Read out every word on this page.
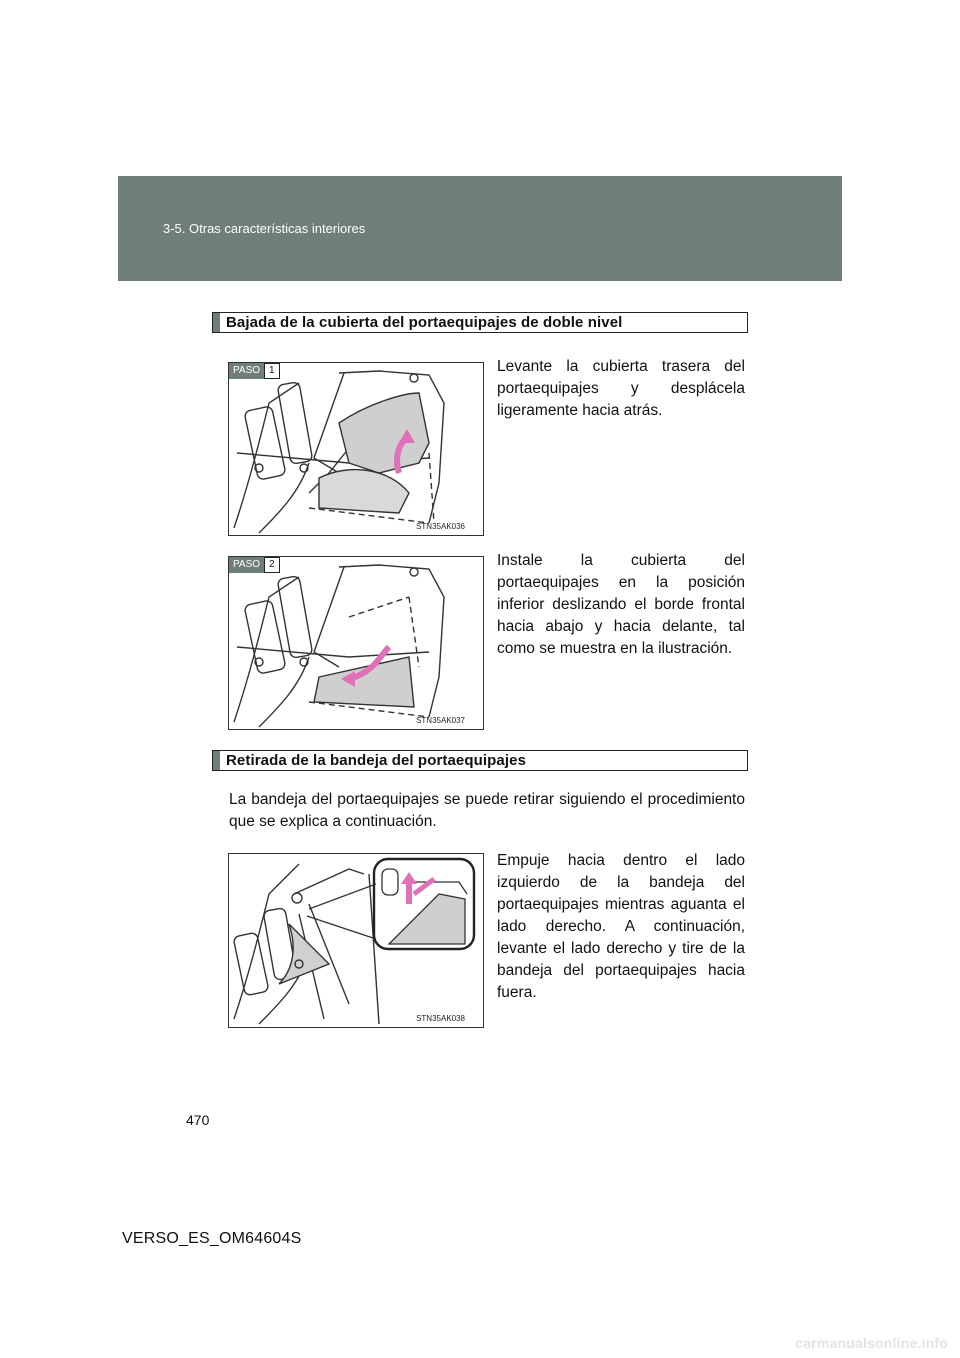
3-5. Otras características interiores
Bajada de la cubierta del portaequipajes de doble nivel
PASO 1
STN35AK036
Levante la cubierta trasera del portaequipajes y desplácela ligeramente hacia atrás.
PASO 2
STN35AK037
Instale la cubierta del portaequipajes en la posición inferior deslizando el borde frontal hacia abajo y hacia delante, tal como se muestra en la ilustración.
Retirada de la bandeja del portaequipajes
La bandeja del portaequipajes se puede retirar siguiendo el procedimiento que se explica a continuación.
STN35AK038
Empuje hacia dentro el lado izquierdo de la bandeja del portaequipajes mientras aguanta el lado derecho. A continuación, levante el lado derecho y tire de la bandeja del portaequipajes hacia fuera.
470
VERSO_ES_OM64604S
carmanualsonline.info
